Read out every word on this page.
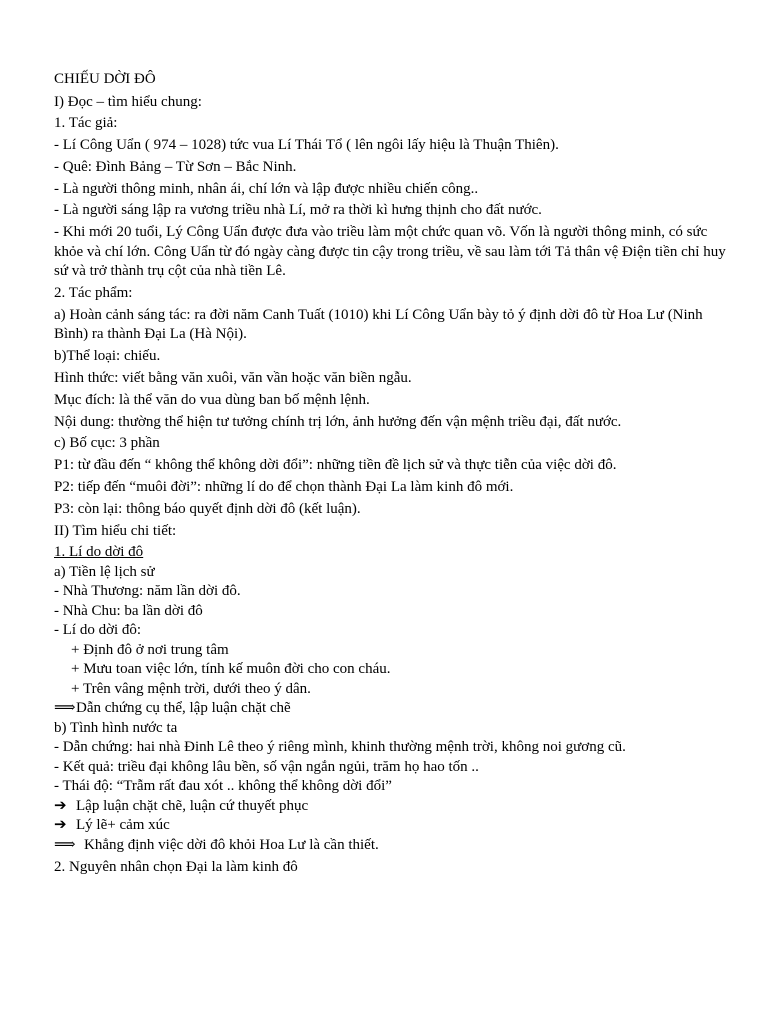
CHIẾU DỜI ĐÔ

I) Đọc – tìm hiểu chung:

1. Tác giả:

- Lí Công Uẩn ( 974 – 1028) tức vua Lí Thái Tổ ( lên ngôi lấy hiệu là Thuận Thiên).

- Quê: Đình Bảng – Từ Sơn – Bắc Ninh.

- Là người thông minh, nhân ái, chí lớn và lập được nhiều chiến công..

- Là người sáng lập ra vương triều nhà Lí, mở ra thời kì hưng thịnh cho đất nước.

- Khi mới 20 tuổi, Lý Công Uẩn được đưa vào triều làm một chức quan võ. Vốn là người thông minh, có sức khỏe và chí lớn. Công Uẩn từ đó ngày càng được tin cậy trong triều, về sau làm tới Tả thân vệ Điện tiền chỉ huy sứ và trở thành trụ cột của nhà tiền Lê.

2. Tác phẩm:

a) Hoàn cảnh sáng tác: ra đời năm Canh Tuất (1010) khi Lí Công Uẩn bày tỏ ý định dời đô từ Hoa Lư (Ninh Bình) ra thành Đại La (Hà Nội).

b)Thể loại: chiếu.

Hình thức: viết bằng văn xuôi, văn vần hoặc văn biền ngẫu.

Mục đích: là thể văn do vua dùng ban bố mệnh lệnh.

Nội dung: thường thể hiện tư tưởng chính trị lớn, ảnh hưởng đến vận mệnh triều đại, đất nước.

c) Bố cục: 3 phần

P1: từ đầu đến “ không thể không dời đổi”: những tiền đề lịch sử và thực tiễn của việc dời đô.

P2: tiếp đến “muôi đời”: những lí do để chọn thành Đại La làm kinh đô mới.

P3: còn lại: thông báo quyết định dời đô (kết luận).

II) Tìm hiểu chi tiết:

1. Lí do dời đô

a) Tiền lệ lịch sử

- Nhà Thương: năm lần dời đô.

- Nhà Chu: ba lần dời đô

- Lí do dời đô:

+ Định đô ở nơi trung tâm

+ Mưu toan việc lớn, tính kế muôn đời cho con cháu.

+ Trên vâng mệnh trời, dưới theo ý dân.

⟹Dẫn chứng cụ thể, lập luận chặt chẽ

b) Tình hình nước ta

- Dẫn chứng: hai nhà Đinh Lê theo ý riêng mình, khinh thường mệnh trời, không noi gương cũ.

- Kết quả: triều đại không lâu bền, số vận ngắn ngủi, trăm họ hao tốn ..

- Thái độ: “Trẫm rất đau xót .. không thể không dời đổi”

➔ Lập luận chặt chẽ, luận cứ thuyết phục

➔ Lý lẽ+ cảm xúc

⟹ Khẳng định việc dời đô khỏi Hoa Lư là cần thiết.

2. Nguyên nhân chọn Đại la làm kinh đô
